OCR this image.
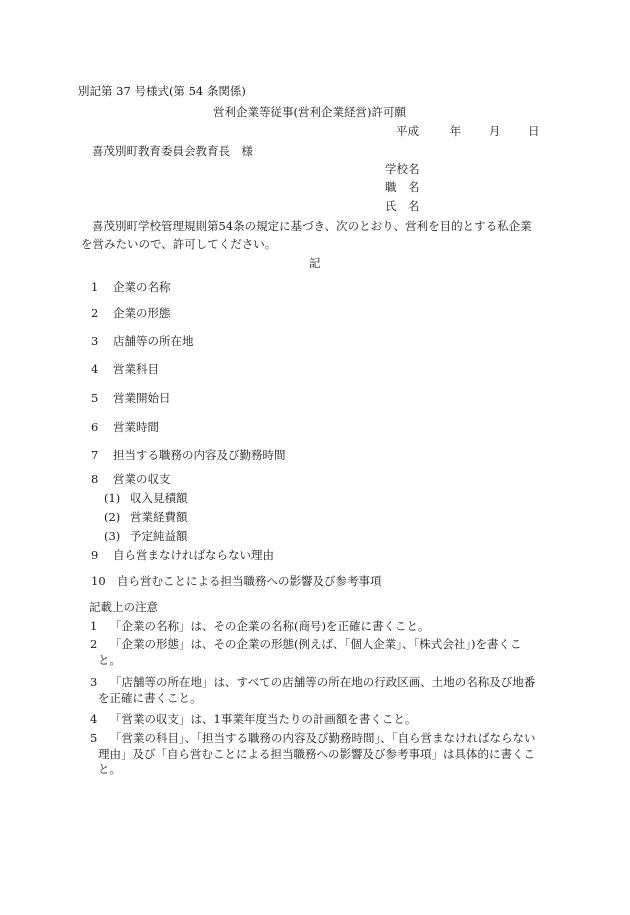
別記第 37 号様式(第 54 条関係)
営利企業等従事(営利企業経営)許可願
平成	年 月 日
喜茂別町教育委員会教育長　様
学校名
職　名
氏　名
喜茂別町学校管理規則第54条の規定に基づき、次のとおり、営利を目的とする私企業
を営みたいので、許可してください。
記
1 企業の名称
2 企業の形態
3 店舗等の所在地
4 営業科目
5 営業開始日
6 営業時間
7 担当する職務の内容及び勤務時間
8 営業の収支
(1) 収入見積額
(2) 営業経費額
(3) 予定純益額
9 自ら営まなければならない理由
10 自ら営むことによる担当職務への影響及び参考事項
記載上の注意
1	「企業の名称」は、その企業の名称(商号)を正確に書くこと。
2	「企業の形態」は、その企業の形態(例えば、「個人企業」、「株式会社」)を書くこ
と。
3	「店舗等の所在地」は、すべての店舗等の所在地の行政区画、土地の名称及び地番
を正確に書くこと。
4	「営業の収支」は、1事業年度当たりの計画額を書くこと。
5	「営業の科目」、「担当する職務の内容及び勤務時間」、「自ら営まなければならない
理由」及び「自ら営むことによる担当職務への影響及び参考事項」は具体的に書くこ
と。
